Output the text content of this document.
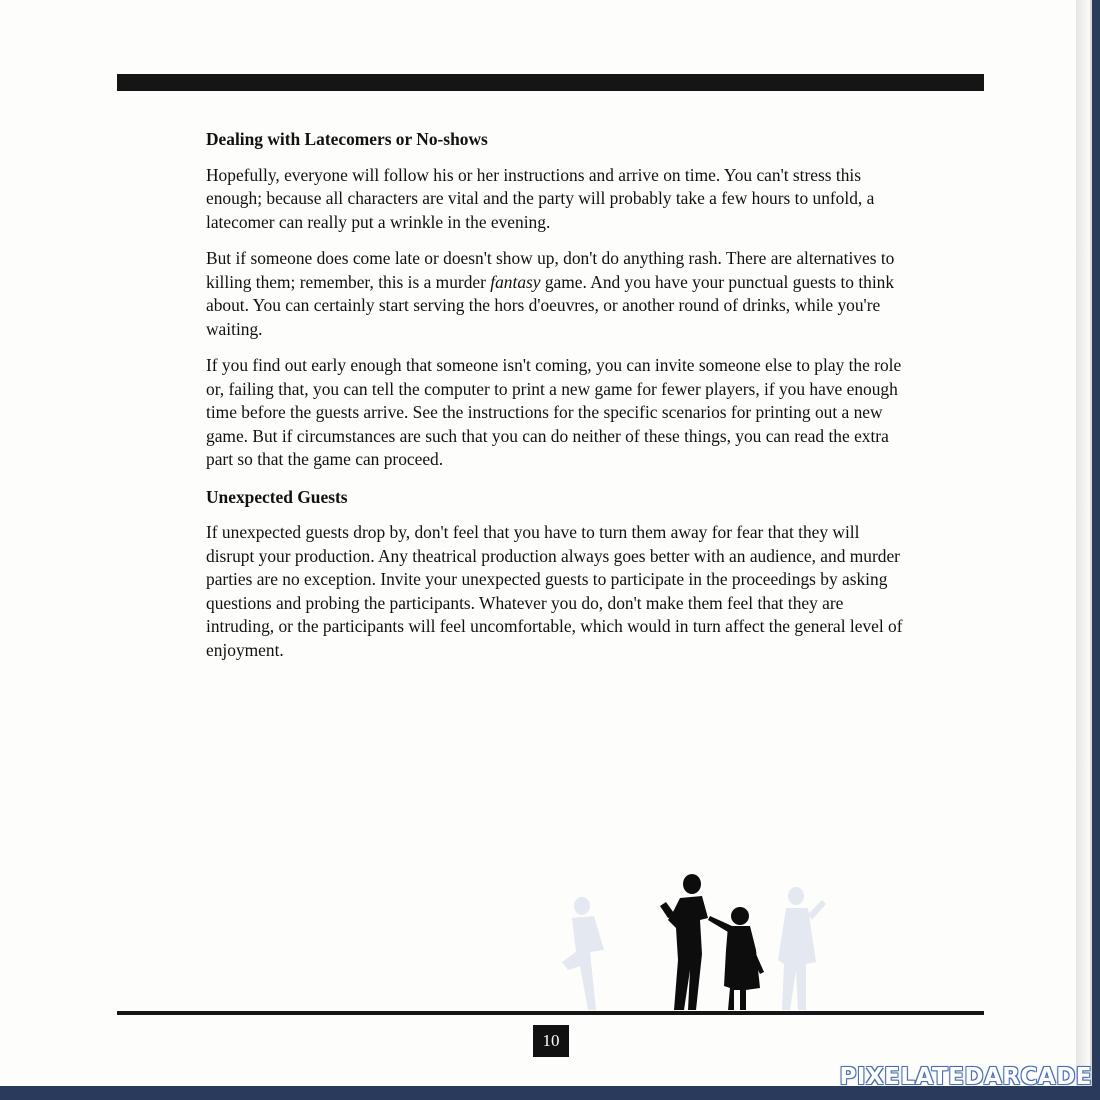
Dealing with Latecomers or No-shows

Hopefully, everyone will follow his or her instructions and arrive on time. You can't stress this enough; because all characters are vital and the party will probably take a few hours to unfold, a latecomer can really put a wrinkle in the evening.

But if someone does come late or doesn't show up, don't do anything rash. There are alternatives to killing them; remember, this is a murder fantasy game. And you have your punctual guests to think about. You can certainly start serving the hors d'oeuvres, or another round of drinks, while you're waiting.

If you find out early enough that someone isn't coming, you can invite someone else to play the role or, failing that, you can tell the computer to print a new game for fewer players, if you have enough time before the guests arrive. See the instructions for the specific scenarios for printing out a new game. But if circumstances are such that you can do neither of these things, you can read the extra part so that the game can proceed.

Unexpected Guests

If unexpected guests drop by, don't feel that you have to turn them away for fear that they will disrupt your production. Any theatrical production always goes better with an audience, and murder parties are no exception. Invite your unexpected guests to participate in the proceedings by asking questions and probing the participants. Whatever you do, don't make them feel that they are intruding, or the participants will feel uncomfortable, which would in turn affect the general level of enjoyment.

10
PIXELATEDARCADE
